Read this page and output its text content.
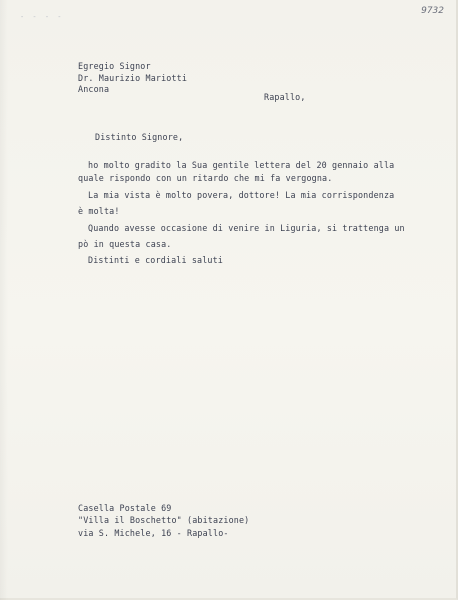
- - - -
9732
Egregio Signor
Dr. Maurizio Mariotti
Ancona
Rapallo,
Distinto Signore,
ho molto gradito la Sua gentile lettera del 20 gennaio alla
quale rispondo con un ritardo che mi fa vergogna.
La mia vista è molto povera, dottore! La mia corrispondenza
è molta!
Quando avesse occasione di venire in Liguria, si trattenga un
pò in questa casa.
Distinti e cordiali saluti
Casella Postale 69
"Villa il Boschetto" (abitazione)
via S. Michele, 16 - Rapallo-
